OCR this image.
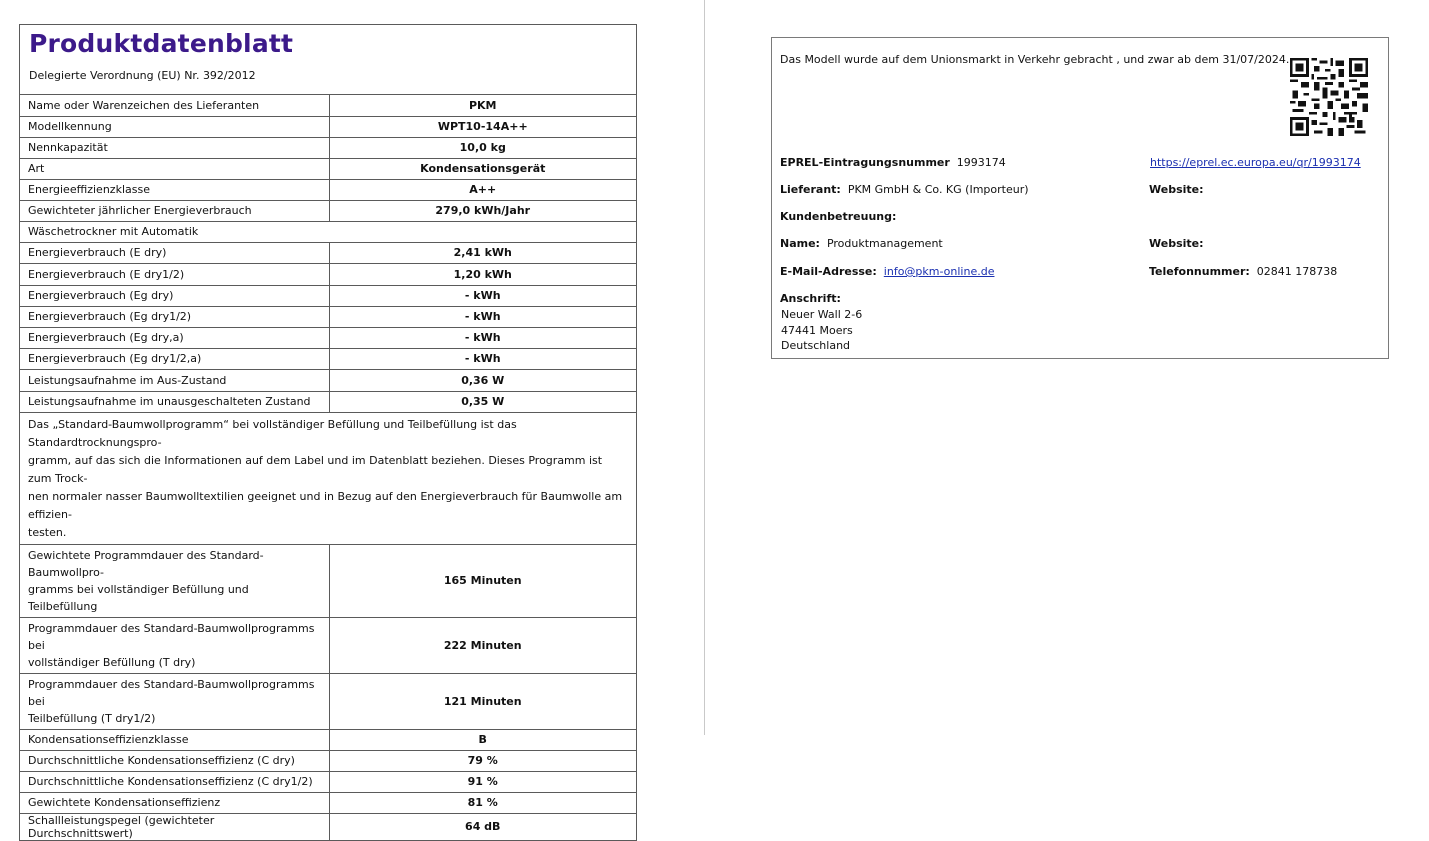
Produktdatenblatt
Delegierte Verordnung (EU) Nr. 392/2012
Name oder Warenzeichen des Lieferanten	PKM
Modellkennung	WPT10-14A++
Nennkapazität	10,0 kg
Art	Kondensationsgerät
Energieeffizienzklasse	A++
Gewichteter jährlicher Energieverbrauch	279,0 kWh/Jahr
Wäschetrockner mit Automatik	
Energieverbrauch (E dry)	2,41 kWh
Energieverbrauch (E dry1/2)	1,20 kWh
Energieverbrauch (Eg dry)	- kWh
Energieverbrauch (Eg dry1/2)	- kWh
Energieverbrauch (Eg dry,a)	- kWh
Energieverbrauch (Eg dry1/2,a)	- kWh
Leistungsaufnahme im Aus-Zustand	0,36 W
Leistungsaufnahme im unausgeschalteten Zustand	0,35 W

Das „Standard-Baumwollprogramm“ bei vollständiger Befüllung und Teilbefüllung ist das Standardtrocknungspro-
gramm, auf das sich die Informationen auf dem Label und im Datenblatt beziehen. Dieses Programm ist zum Trock-
nen normaler nasser Baumwolltextilien geeignet und in Bezug auf den Energieverbrauch für Baumwolle am effizien-
testen.	

Gewichtete Programmdauer des Standard-Baumwollpro-
gramms bei vollständiger Befüllung und Teilbefüllung	165 Minuten

Programmdauer des Standard-Baumwollprogramms bei
vollständiger Befüllung (T dry)	222 Minuten

Programmdauer des Standard-Baumwollprogramms bei
Teilbefüllung (T dry1/2)	121 Minuten
Kondensationseffizienzklasse	B
Durchschnittliche Kondensationseffizienz (C dry)	79 %
Durchschnittliche Kondensationseffizienz (C dry1/2)	91 %
Gewichtete Kondensationseffizienz	81 %
Schallleistungspegel (gewichteter Durchschnittswert)	64 dB
Das Modell wurde auf dem Unionsmarkt in Verkehr gebracht , und zwar ab dem 31/07/2024.
EPREL-Eintragungsnummer 1993174	https://eprel.ec.europa.eu/qr/1993174
Lieferant: PKM GmbH & Co. KG (Importeur)	Website:
Kundenbetreuung:
Name: Produktmanagement	Website:
E-Mail-Adresse: info@pkm-online.de	Telefonnummer: 02841 178738
Anschrift:
Neuer Wall 2-6
47441 Moers
Deutschland
